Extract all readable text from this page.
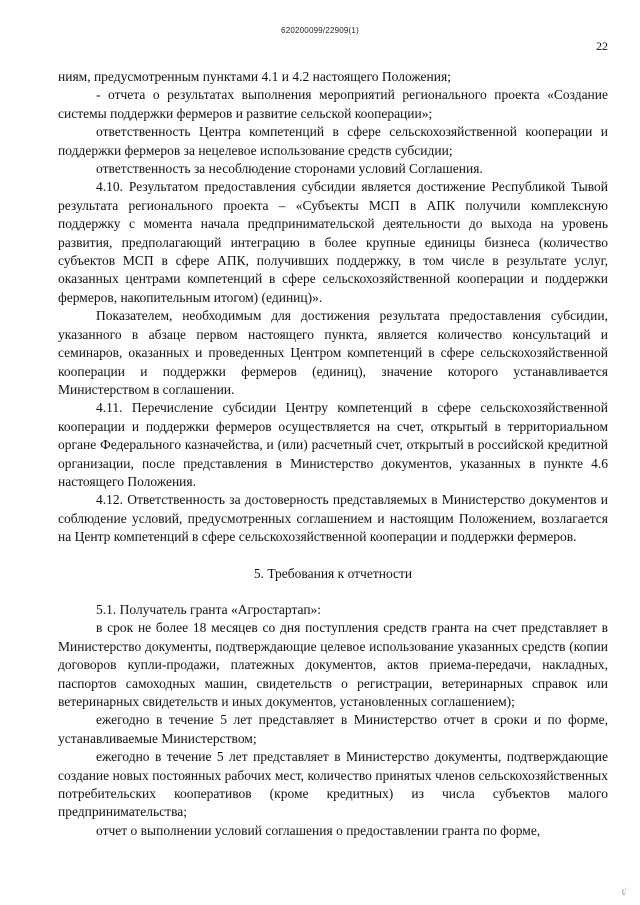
620200099/22909(1)
22

ниям, предусмотренным пунктами 4.1 и 4.2 настоящего Положения;

- отчета о результатах выполнения мероприятий регионального проекта «Создание системы поддержки фермеров и развитие сельской кооперации»;

ответственность Центра компетенций в сфере сельскохозяйственной кооперации и поддержки фермеров за нецелевое использование средств субсидии;

ответственность за несоблюдение сторонами условий Соглашения.

4.10. Результатом предоставления субсидии является достижение Республикой Тывой результата регионального проекта – «Субъекты МСП в АПК получили комплексную поддержку с момента начала предпринимательской деятельности до выхода на уровень развития, предполагающий интеграцию в более крупные единицы бизнеса (количество субъектов МСП в сфере АПК, получивших поддержку, в том числе в результате услуг, оказанных центрами компетенций в сфере сельскохозяйственной кооперации и поддержки фермеров, накопительным итогом) (единиц)».

Показателем, необходимым для достижения результата предоставления субсидии, указанного в абзаце первом настоящего пункта, является количество консультаций и семинаров, оказанных и проведенных Центром компетенций в сфере сельскохозяйственной кооперации и поддержки фермеров (единиц), значение которого устанавливается Министерством в соглашении.

4.11. Перечисление субсидии Центру компетенций в сфере сельскохозяйственной кооперации и поддержки фермеров осуществляется на счет, открытый в территориальном органе Федерального казначейства, и (или) расчетный счет, открытый в российской кредитной организации, после представления в Министерство документов, указанных в пункте 4.6 настоящего Положения.

4.12. Ответственность за достоверность представляемых в Министерство документов и соблюдение условий, предусмотренных соглашением и настоящим Положением, возлагается на Центр компетенций в сфере сельскохозяйственной кооперации и поддержки фермеров.

5. Требования к отчетности

5.1. Получатель гранта «Агростартап»:

в срок не более 18 месяцев со дня поступления средств гранта на счет представляет в Министерство документы, подтверждающие целевое использование указанных средств (копии договоров купли-продажи, платежных документов, актов приема-передачи, накладных, паспортов самоходных машин, свидетельств о регистрации, ветеринарных справок или ветеринарных свидетельств и иных документов, установленных соглашением);

ежегодно в течение 5 лет представляет в Министерство отчет в сроки и по форме, устанавливаемые Министерством;

ежегодно в течение 5 лет представляет в Министерство документы, подтверждающие создание новых постоянных рабочих мест, количество принятых членов сельскохозяйственных потребительских кооперативов (кроме кредитных) из числа субъектов малого предпринимательства;

отчет о выполнении условий соглашения о предоставлении гранта по форме,

ℓ∕
